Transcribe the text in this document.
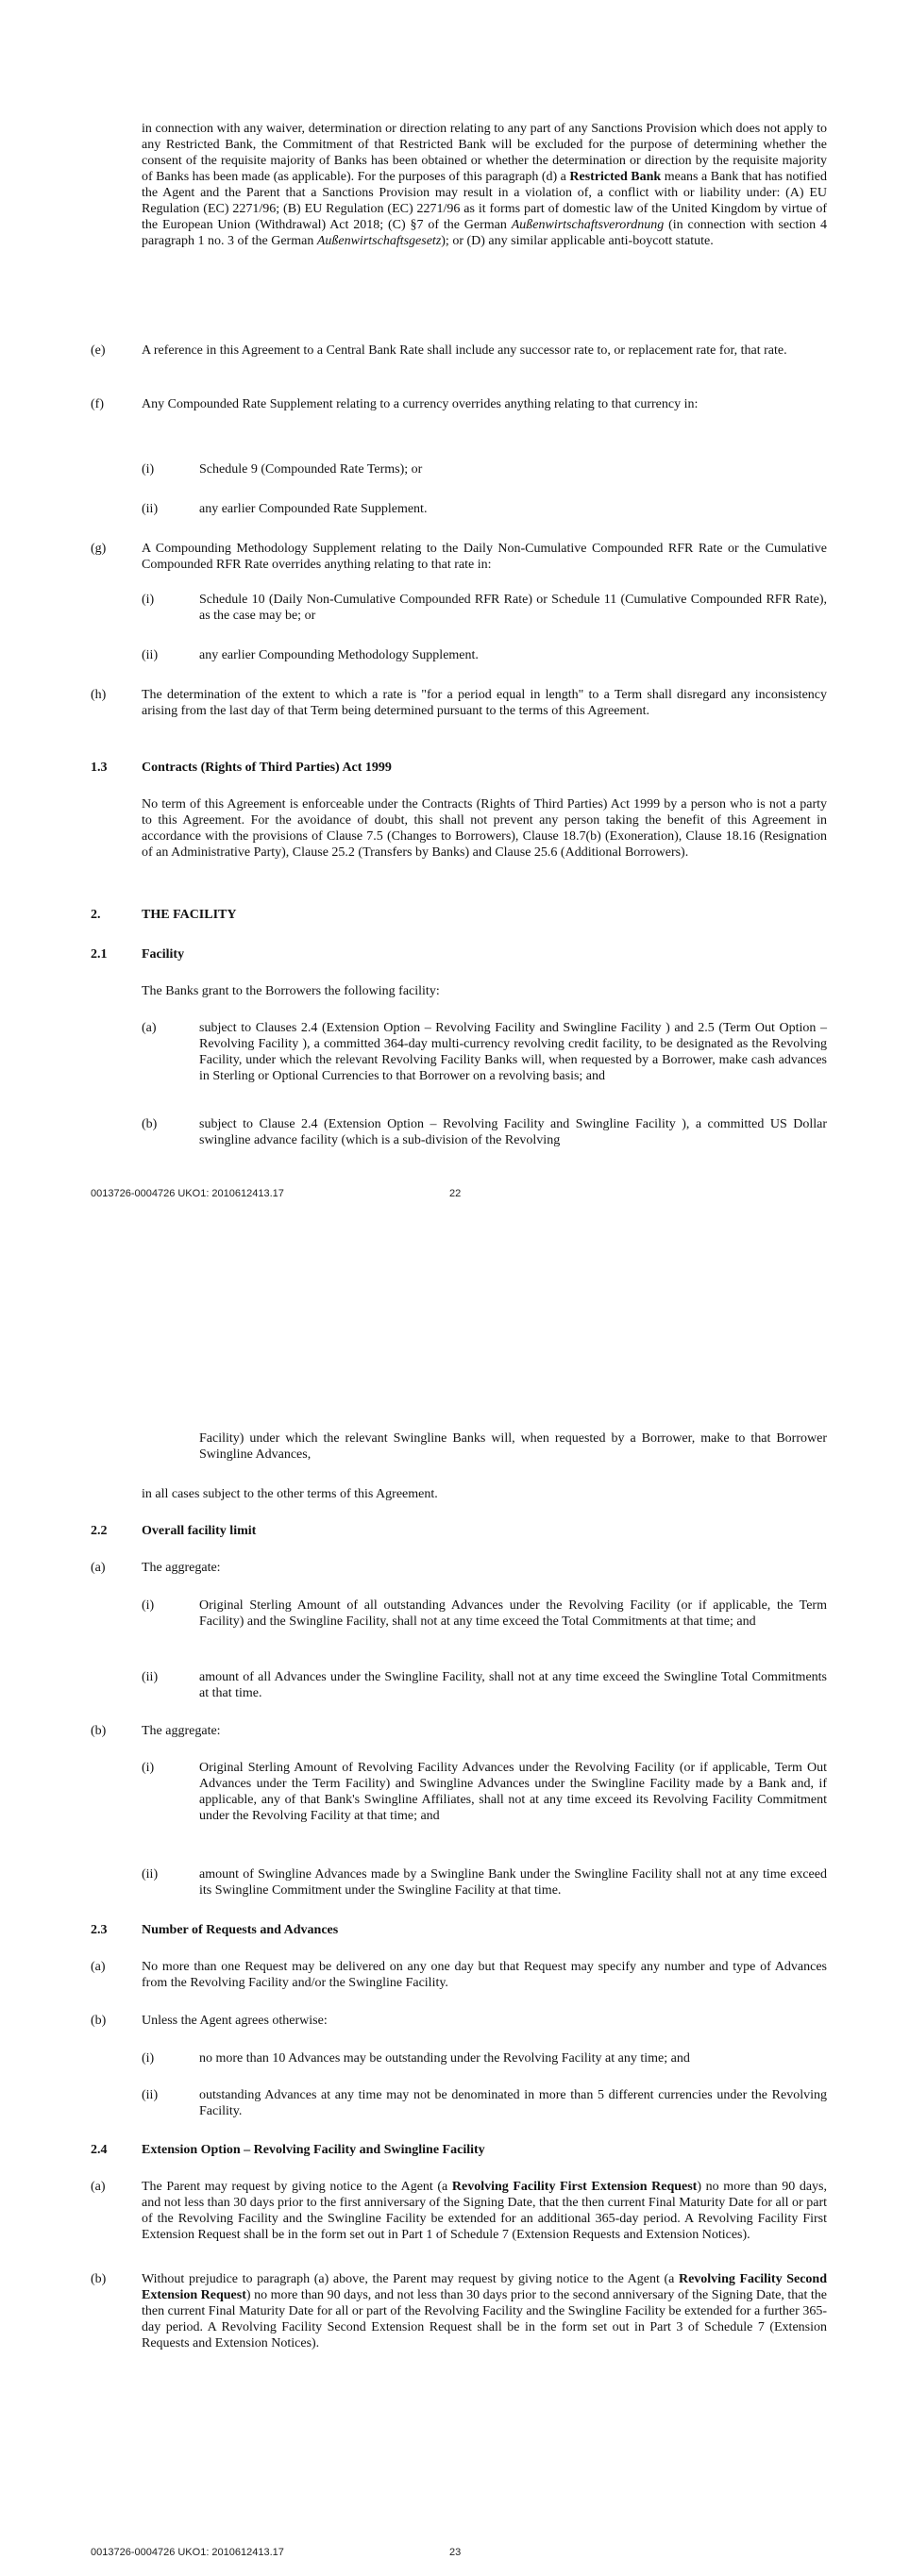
in connection with any waiver, determination or direction relating to any part of any Sanctions Provision which does not apply to any Restricted Bank, the Commitment of that Restricted Bank will be excluded for the purpose of determining whether the consent of the requisite majority of Banks has been obtained or whether the determination or direction by the requisite majority of Banks has been made (as applicable). For the purposes of this paragraph (d) a Restricted Bank means a Bank that has notified the Agent and the Parent that a Sanctions Provision may result in a violation of, a conflict with or liability under: (A) EU Regulation (EC) 2271/96; (B) EU Regulation (EC) 2271/96 as it forms part of domestic law of the United Kingdom by virtue of the European Union (Withdrawal) Act 2018; (C) §7 of the German Außenwirtschaftsverordnung (in connection with section 4 paragraph 1 no. 3 of the German Außenwirtschaftsgesetz); or (D) any similar applicable anti-boycott statute.

(e)	A reference in this Agreement to a Central Bank Rate shall include any successor rate to, or replacement rate for, that rate.

(f)	Any Compounded Rate Supplement relating to a currency overrides anything relating to that currency in:

(i)	Schedule 9 (Compounded Rate Terms); or

(ii)	any earlier Compounded Rate Supplement.

(g)	A Compounding Methodology Supplement relating to the Daily Non-Cumulative Compounded RFR Rate or the Cumulative Compounded RFR Rate overrides anything relating to that rate in:

(i)	Schedule 10 (Daily Non-Cumulative Compounded RFR Rate) or Schedule 11 (Cumulative Compounded RFR Rate), as the case may be; or

(ii)	any earlier Compounding Methodology Supplement.

(h)	The determination of the extent to which a rate is "for a period equal in length" to a Term shall disregard any inconsistency arising from the last day of that Term being determined pursuant to the terms of this Agreement.

1.3	Contracts (Rights of Third Parties) Act 1999

No term of this Agreement is enforceable under the Contracts (Rights of Third Parties) Act 1999 by a person who is not a party to this Agreement. For the avoidance of doubt, this shall not prevent any person taking the benefit of this Agreement in accordance with the provisions of Clause 7.5 (Changes to Borrowers), Clause 18.7(b) (Exoneration), Clause 18.16 (Resignation of an Administrative Party), Clause 25.2 (Transfers by Banks) and Clause 25.6 (Additional Borrowers).

2.	THE FACILITY
2.1	Facility

The Banks grant to the Borrowers the following facility:

(a)	subject to Clauses 2.4 (Extension Option – Revolving Facility and Swingline Facility ) and 2.5 (Term Out Option – Revolving Facility ), a committed 364-day multi-currency revolving credit facility, to be designated as the Revolving Facility, under which the relevant Revolving Facility Banks will, when requested by a Borrower, make cash advances in Sterling or Optional Currencies to that Borrower on a revolving basis; and

(b)	subject to Clause 2.4 (Extension Option – Revolving Facility and Swingline Facility ), a committed US Dollar swingline advance facility (which is a sub-division of the Revolving

0013726-0004726 UKO1: 2010612413.17	22

Facility) under which the relevant Swingline Banks will, when requested by a Borrower, make to that Borrower Swingline Advances,

in all cases subject to the other terms of this Agreement.

2.2	Overall facility limit
(a)	The aggregate:

(i)	Original Sterling Amount of all outstanding Advances under the Revolving Facility (or if applicable, the Term Facility) and the Swingline Facility, shall not at any time exceed the Total Commitments at that time; and

(ii)	amount of all Advances under the Swingline Facility, shall not at any time exceed the Swingline Total Commitments at that time.

(b)	The aggregate:

(i)	Original Sterling Amount of Revolving Facility Advances under the Revolving Facility (or if applicable, Term Out Advances under the Term Facility) and Swingline Advances under the Swingline Facility made by a Bank and, if applicable, any of that Bank's Swingline Affiliates, shall not at any time exceed its Revolving Facility Commitment under the Revolving Facility at that time; and

(ii)	amount of Swingline Advances made by a Swingline Bank under the Swingline Facility shall not at any time exceed its Swingline Commitment under the Swingline Facility at that time.

2.3	Number of Requests and Advances
(a)	No more than one Request may be delivered on any one day but that Request may specify any number and type of Advances from the Revolving Facility and/or the Swingline Facility.

(b)	Unless the Agent agrees otherwise:

(i)	no more than 10 Advances may be outstanding under the Revolving Facility at any time; and

(ii)	outstanding Advances at any time may not be denominated in more than 5 different currencies under the Revolving Facility.

2.4	Extension Option – Revolving Facility and Swingline Facility
(a)	The Parent may request by giving notice to the Agent (a Revolving Facility First Extension Request) no more than 90 days, and not less than 30 days prior to the first anniversary of the Signing Date, that the then current Final Maturity Date for all or part of the Revolving Facility and the Swingline Facility be extended for an additional 365-day period. A Revolving Facility First Extension Request shall be in the form set out in Part 1 of Schedule 7 (Extension Requests and Extension Notices).

(b)	Without prejudice to paragraph (a) above, the Parent may request by giving notice to the Agent (a Revolving Facility Second Extension Request) no more than 90 days, and not less than 30 days prior to the second anniversary of the Signing Date, that the then current Final Maturity Date for all or part of the Revolving Facility and the Swingline Facility be extended for a further 365-day period. A Revolving Facility Second Extension Request shall be in the form set out in Part 3 of Schedule 7 (Extension Requests and Extension Notices).

0013726-0004726 UKO1: 2010612413.17	23
